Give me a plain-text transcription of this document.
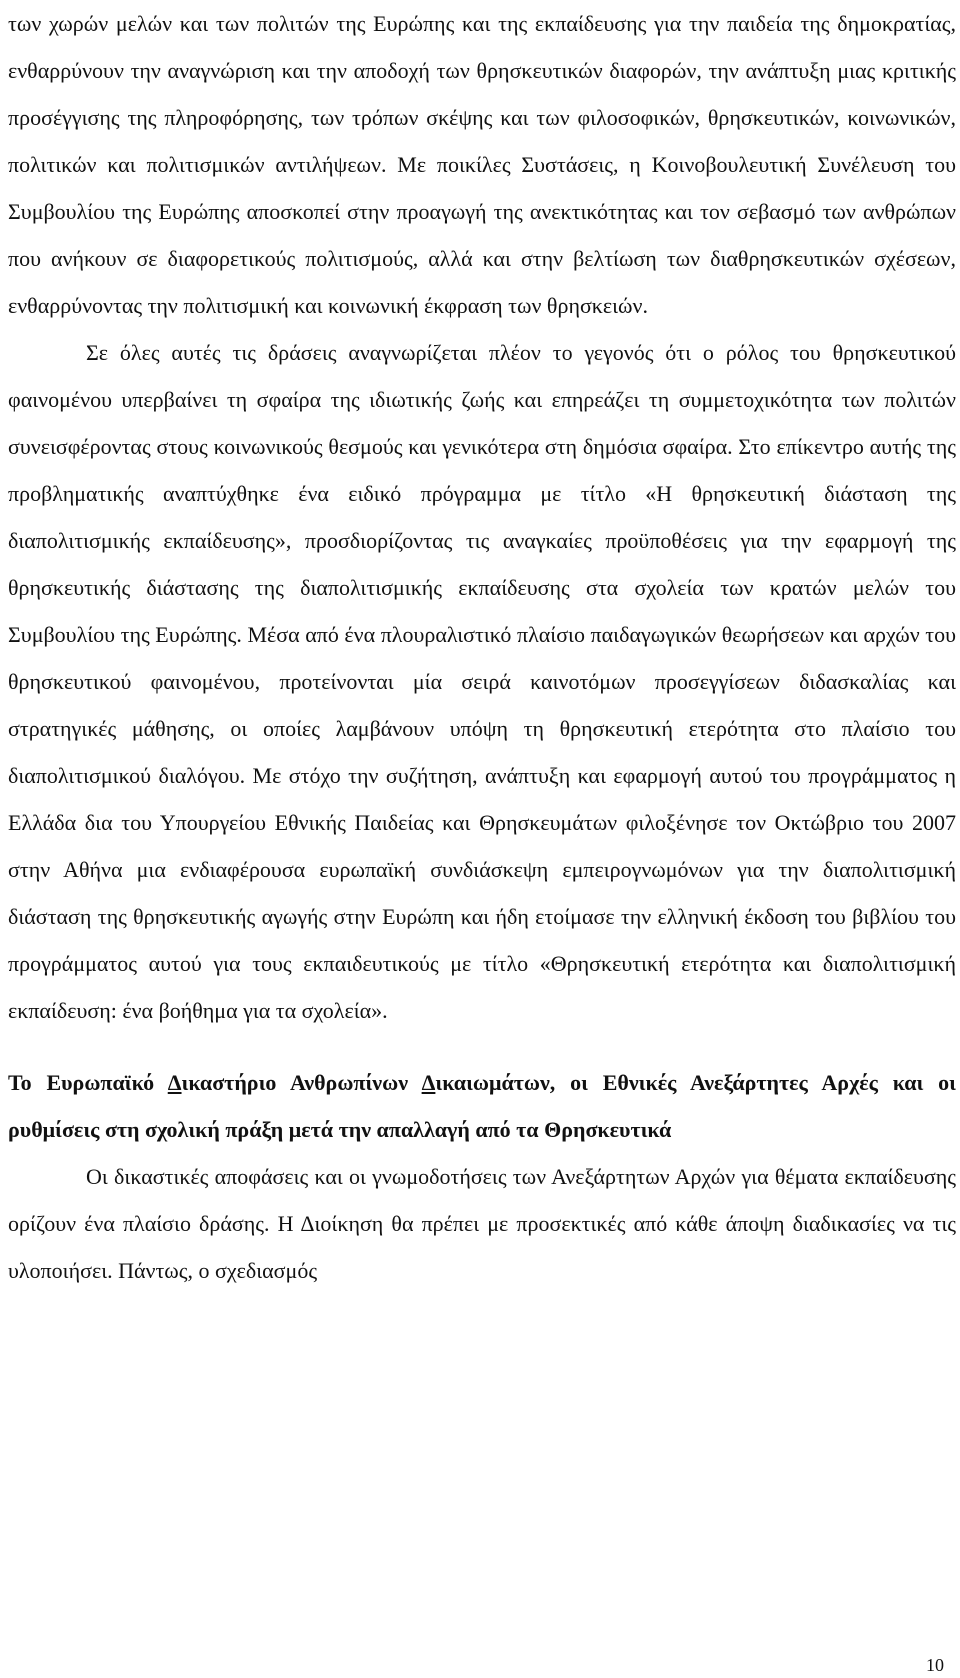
των χωρών μελών και των πολιτών της Ευρώπης και της εκπαίδευσης για την παιδεία της δημοκρατίας, ενθαρρύνουν την αναγνώριση και την αποδοχή των θρησκευτικών διαφορών, την ανάπτυξη μιας κριτικής προσέγγισης της πληροφόρησης, των τρόπων σκέψης και των φιλοσοφικών, θρησκευτικών, κοινωνικών, πολιτικών και πολιτισμικών αντιλήψεων. Με ποικίλες Συστάσεις, η Κοινοβουλευτική Συνέλευση του Συμβουλίου της Ευρώπης αποσκοπεί στην προαγωγή της ανεκτικότητας και τον σεβασμό των ανθρώπων που ανήκουν σε διαφορετικούς πολιτισμούς, αλλά και στην βελτίωση των διαθρησκευτικών σχέσεων, ενθαρρύνοντας την πολιτισμική και κοινωνική έκφραση των θρησκειών.

Σε όλες αυτές τις δράσεις αναγνωρίζεται πλέον το γεγονός ότι ο ρόλος του θρησκευτικού φαινομένου υπερβαίνει τη σφαίρα της ιδιωτικής ζωής και επηρεάζει τη συμμετοχικότητα των πολιτών συνεισφέροντας στους κοινωνικούς θεσμούς και γενικότερα στη δημόσια σφαίρα. Στο επίκεντρο αυτής της προβληματικής αναπτύχθηκε ένα ειδικό πρόγραμμα με τίτλο «Η θρησκευτική διάσταση της διαπολιτισμικής εκπαίδευσης», προσδιορίζοντας τις αναγκαίες προϋποθέσεις για την εφαρμογή της θρησκευτικής διάστασης της διαπολιτισμικής εκπαίδευσης στα σχολεία των κρατών μελών του Συμβουλίου της Ευρώπης. Μέσα από ένα πλουραλιστικό πλαίσιο παιδαγωγικών θεωρήσεων και αρχών του θρησκευτικού φαινομένου, προτείνονται μία σειρά καινοτόμων προσεγγίσεων διδασκαλίας και στρατηγικές μάθησης, οι οποίες λαμβάνουν υπόψη τη θρησκευτική ετερότητα στο πλαίσιο του διαπολιτισμικού διαλόγου. Με στόχο την συζήτηση, ανάπτυξη και εφαρμογή αυτού του προγράμματος η Ελλάδα δια του Υπουργείου Εθνικής Παιδείας και Θρησκευμάτων φιλοξένησε τον Οκτώβριο του 2007 στην Αθήνα μια ενδιαφέρουσα ευρωπαϊκή συνδιάσκεψη εμπειρογνωμόνων για την διαπολιτισμική διάσταση της θρησκευτικής αγωγής στην Ευρώπη και ήδη ετοίμασε την ελληνική έκδοση του βιβλίου του προγράμματος αυτού για τους εκπαιδευτικούς με τίτλο «Θρησκευτική ετερότητα και διαπολιτισμική εκπαίδευση: ένα βοήθημα για τα σχολεία».

Το Ευρωπαϊκό Δικαστήριο Ανθρωπίνων Δικαιωμάτων, οι Εθνικές Ανεξάρτητες Αρχές και οι ρυθμίσεις στη σχολική πράξη μετά την απαλλαγή από τα Θρησκευτικά

Οι δικαστικές αποφάσεις και οι γνωμοδοτήσεις των Ανεξάρτητων Αρχών για θέματα εκπαίδευσης ορίζουν ένα πλαίσιο δράσης. Η Διοίκηση θα πρέπει με προσεκτικές από κάθε άποψη διαδικασίες να τις υλοποιήσει. Πάντως, ο σχεδιασμός

10
